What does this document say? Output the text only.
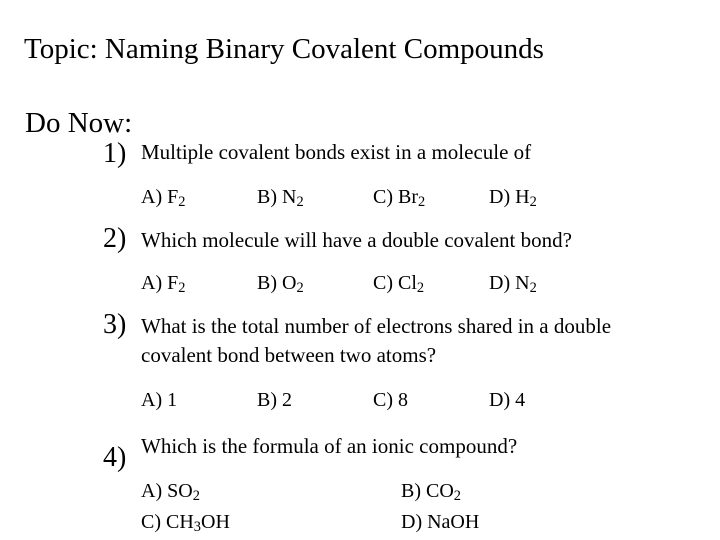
Topic: Naming Binary Covalent Compounds
Do Now:
1) Multiple covalent bonds exist in a molecule of
A) $F_2$	B) $N_2$	C) $Br_2$	D) $H_2$
2) Which molecule will have a double covalent bond?
A) $F_2$	B) $O_2$	C) $Cl_2$	D) $N_2$
3) What is the total number of electrons shared in a double
covalent bond between two atoms?
A) 1	B) 2	C) 8	D) 4
Which is the formula of an ionic compound?
4)
A) $SO_2$	B) $CO_2$
C) $CH_3OH$	D) NaOH
